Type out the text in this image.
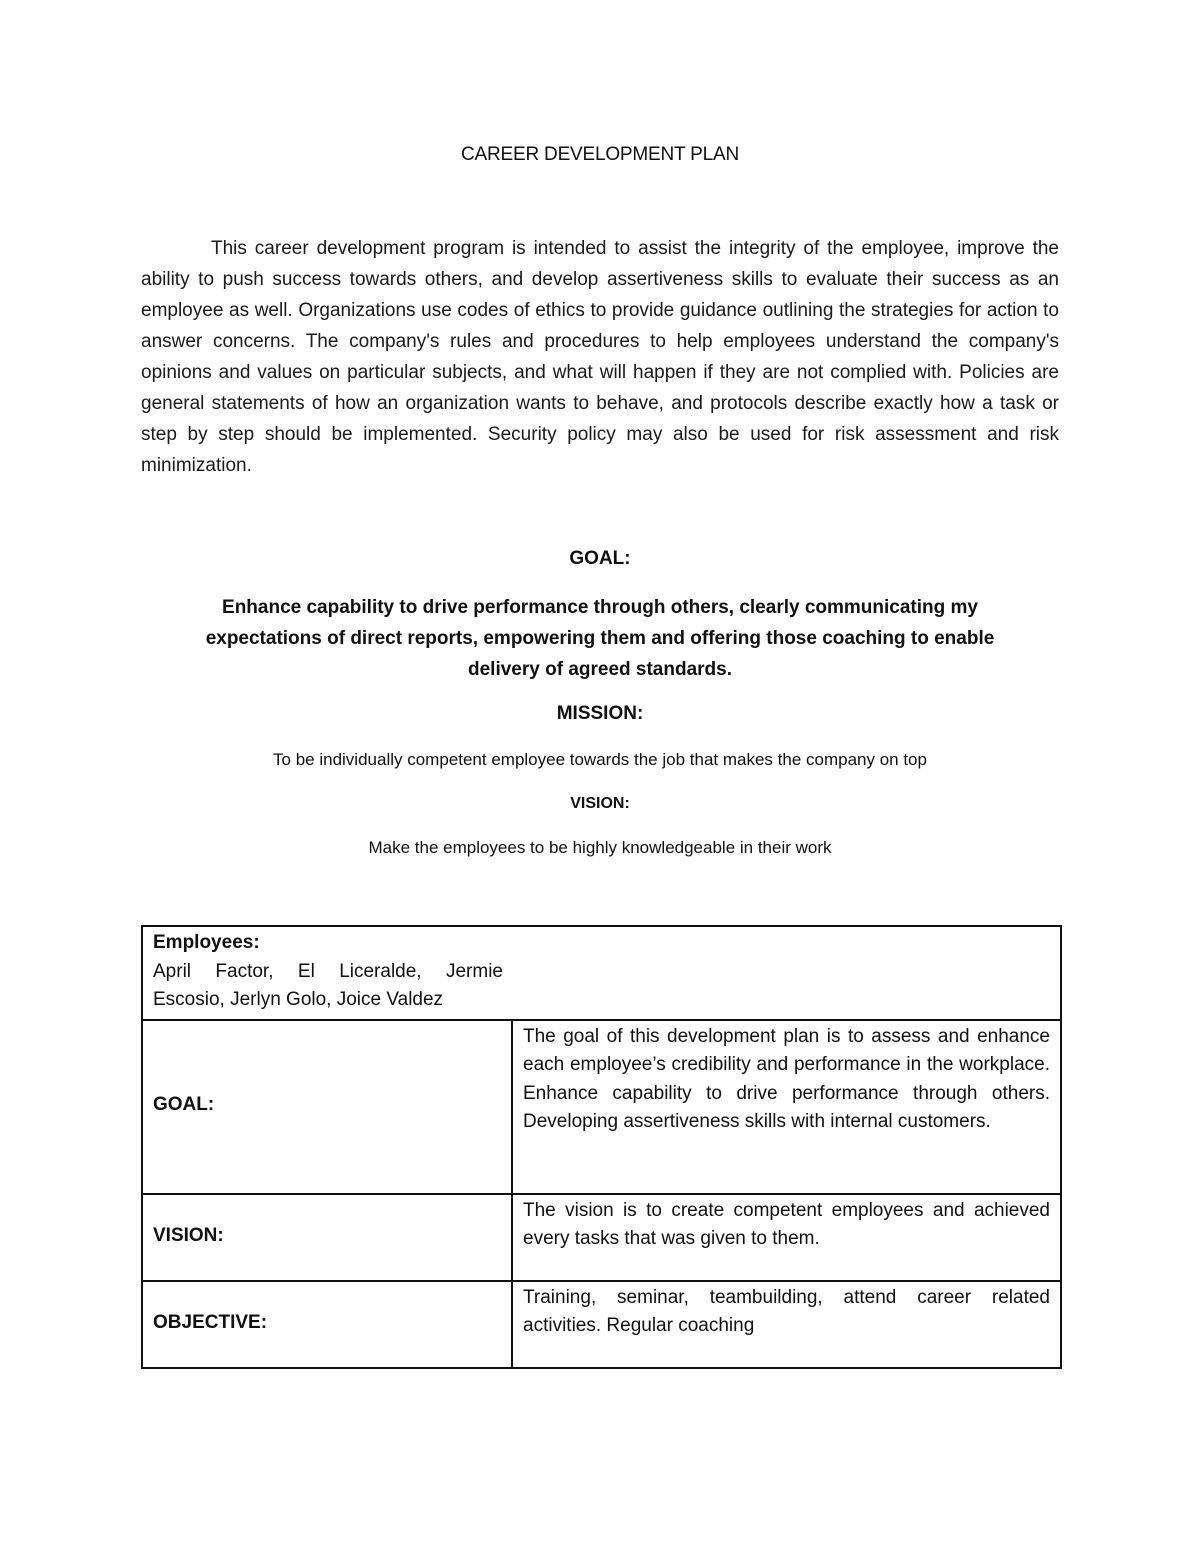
CAREER DEVELOPMENT PLAN

This career development program is intended to assist the integrity of the employee, improve the ability to push success towards others, and develop assertiveness skills to evaluate their success as an employee as well. Organizations use codes of ethics to provide guidance outlining the strategies for action to answer concerns. The company's rules and procedures to help employees understand the company's opinions and values on particular subjects, and what will happen if they are not complied with. Policies are general statements of how an organization wants to behave, and protocols describe exactly how a task or step by step should be implemented. Security policy may also be used for risk assessment and risk minimization.

GOAL:

Enhance capability to drive performance through others, clearly communicating my expectations of direct reports, empowering them and offering those coaching to enable delivery of agreed standards.

MISSION:
To be individually competent employee towards the job that makes the company on top
VISION:
Make the employees to be highly knowledgeable in their work
Employees:
April Factor, El Liceralde, Jermie Escosio, Jerlyn Golo, Joice Valdez	

GOAL:	The goal of this development plan is to assess and enhance each employee’s credibility and performance in the workplace. Enhance capability to drive performance through others. Developing assertiveness skills with internal customers.
VISION:	The vision is to create competent employees and achieved every tasks that was given to them.
OBJECTIVE:	Training, seminar, teambuilding, attend career related activities. Regular coaching
